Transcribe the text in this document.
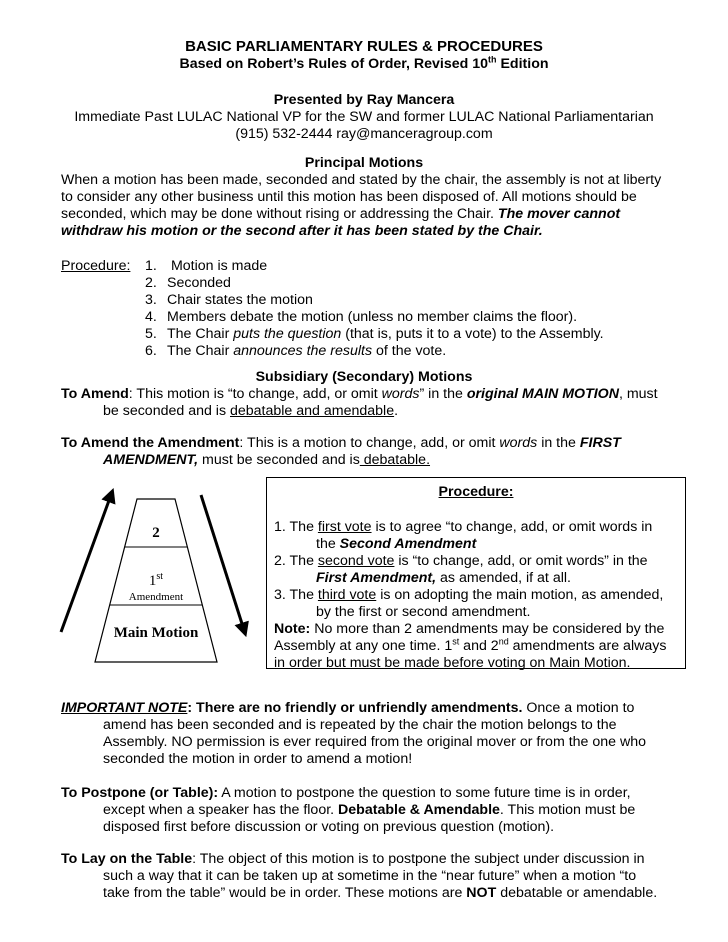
BASIC PARLIAMENTARY RULES & PROCEDURES
Based on Robert’s Rules of Order, Revised 10th Edition
Presented by Ray Mancera
Immediate Past LULAC National VP for the SW and former LULAC National Parliamentarian
(915) 532-2444 ray@manceragroup.com
Principal Motions

When a motion has been made, seconded and stated by the chair, the assembly is not at liberty

to consider any other business until this motion has been disposed of. All motions should be

seconded, which may be done without rising or addressing the Chair. The mover cannot

withdraw his motion or the second after it has been stated by the Chair.

Procedure: 1. Motion is made
2. Seconded
3. Chair states the motion
4. Members debate the motion (unless no member claims the floor).
5. The Chair puts the question (that is, puts it to a vote) to the Assembly.
6. The Chair announces the results of the vote.
Subsidiary (Secondary) Motions

To Amend: This motion is “to change, add, or omit words” in the original MAIN MOTION, must

be seconded and is debatable and amendable.

To Amend the Amendment: This is a motion to change, add, or omit words in the FIRST

AMENDMENT, must be seconded and is debatable.

2
1st
Amendment
Main Motion
Procedure:
1. The first vote is to agree “to change, add, or omit words in
the Second Amendment
2. The second vote is “to change, add, or omit words” in the
First Amendment, as amended, if at all.
3. The third vote is on adopting the main motion, as amended,
by the first or second amendment.
Note: No more than 2 amendments may be considered by the
Assembly at any one time. 1st and 2nd amendments are always
in order but must be made before voting on Main Motion.

IMPORTANT NOTE: There are no friendly or unfriendly amendments. Once a motion to

amend has been seconded and is repeated by the chair the motion belongs to the

Assembly. NO permission is ever required from the original mover or from the one who

seconded the motion in order to amend a motion!

To Postpone (or Table): A motion to postpone the question to some future time is in order,

except when a speaker has the floor. Debatable & Amendable. This motion must be

disposed first before discussion or voting on previous question (motion).

To Lay on the Table: The object of this motion is to postpone the subject under discussion in

such a way that it can be taken up at sometime in the “near future” when a motion “to

take from the table” would be in order. These motions are NOT debatable or amendable.
